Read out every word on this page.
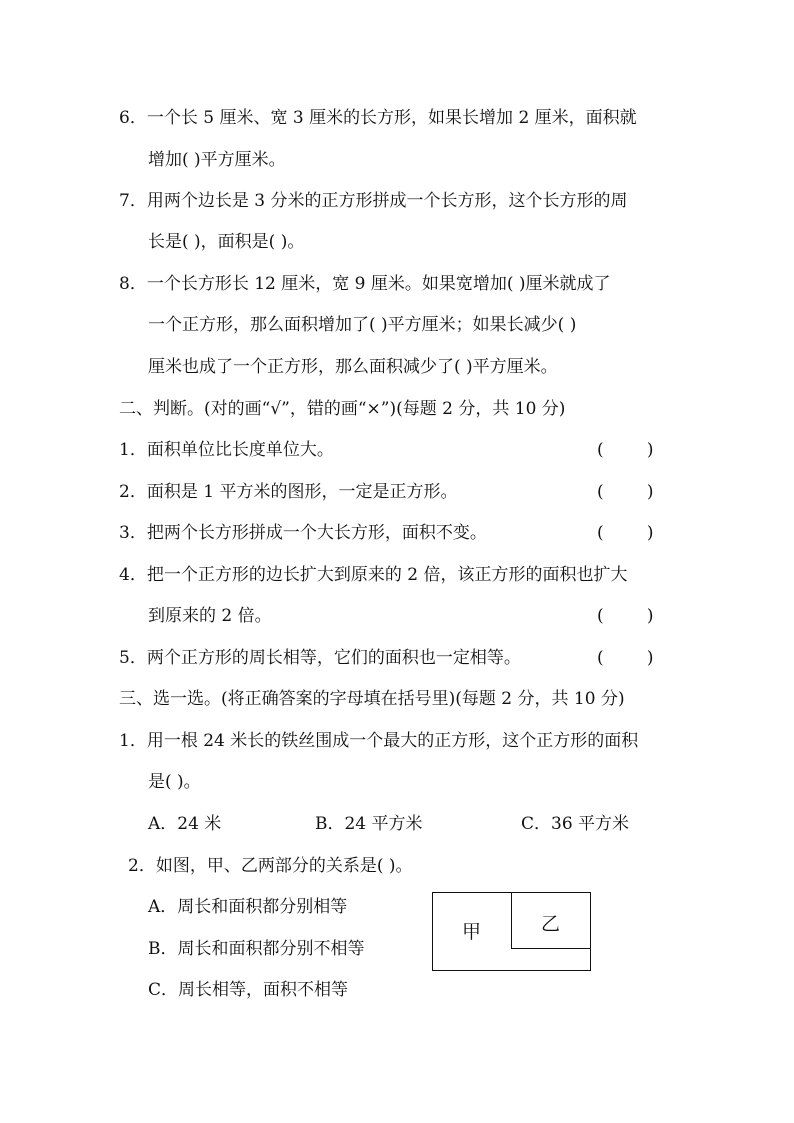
6．一个长 5 厘米、宽 3 厘米的长方形，如果长增加 2 厘米，面积就
增加( )平方厘米。
7．用两个边长是 3 分米的正方形拼成一个长方形，这个长方形的周
长是( )，面积是( )。
8．一个长方形长 12 厘米，宽 9 厘米。如果宽增加( )厘米就成了
一个正方形，那么面积增加了( )平方厘米；如果长减少( )
厘米也成了一个正方形，那么面积减少了( )平方厘米。
二、判断。(对的画“√”，错的画“×”)(每题 2 分，共 10 分)
1．面积单位比长度单位大。	(        )
2．面积是 1 平方米的图形，一定是正方形。	(        )
3．把两个长方形拼成一个大长方形，面积不变。	(        )
4．把一个正方形的边长扩大到原来的 2 倍，该正方形的面积也扩大
到原来的 2 倍。	(        )
5．两个正方形的周长相等，它们的面积也一定相等。	(        )
三、选一选。(将正确答案的字母填在括号里)(每题 2 分，共 10 分)
1．用一根 24 米长的铁丝围成一个最大的正方形，这个正方形的面积
是( )。
A．24 米	B．24 平方米	C．36 平方米
2．如图，甲、乙两部分的关系是( )。
A．周长和面积都分别相等
B．周长和面积都分别不相等
C．周长相等，面积不相等
甲	乙
